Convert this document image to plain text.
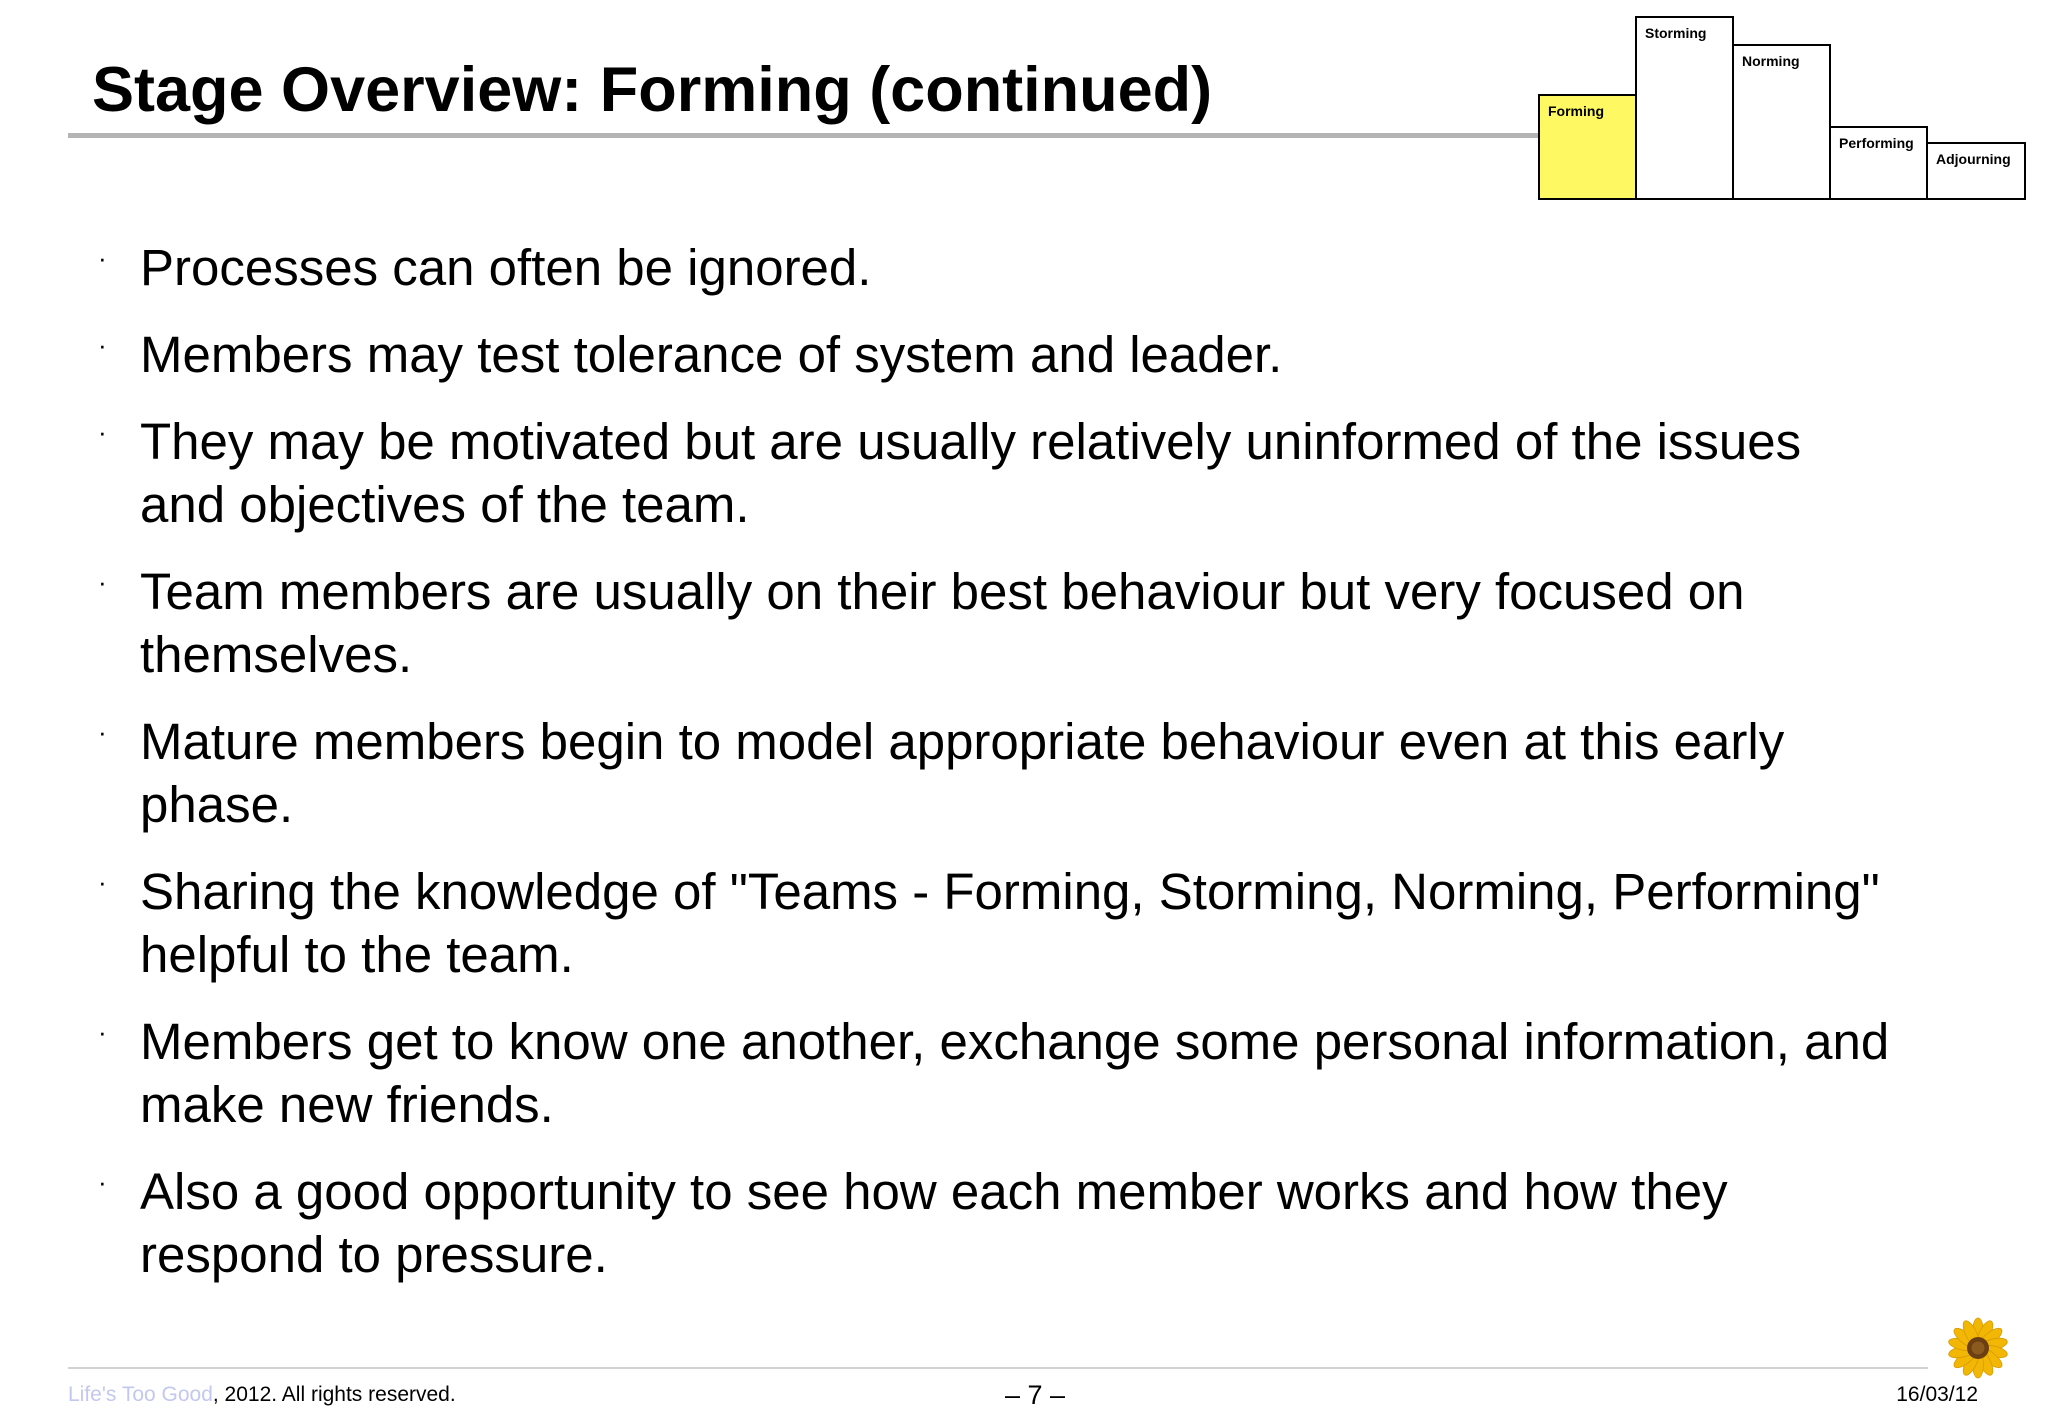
Stage Overview: Forming (continued)	Forming
Storming
Norming
Performing
Adjourning
· Processes can often be ignored.
· Members may test tolerance of system and leader.
· They may be motivated but are usually relatively uninformed of the issues and objectives of the team.
· Team members are usually on their best behaviour but very focused on themselves.
· Mature members begin to model appropriate behaviour even at this early phase.
· Sharing the knowledge of "Teams - Forming, Storming, Norming, Performing" helpful to the team.
· Members get to know one another, exchange some personal information, and make new friends.
· Also a good opportunity to see how each member works and how they respond to pressure.
Life's Too Good, 2012. All rights reserved.	– 7 –	16/03/12
